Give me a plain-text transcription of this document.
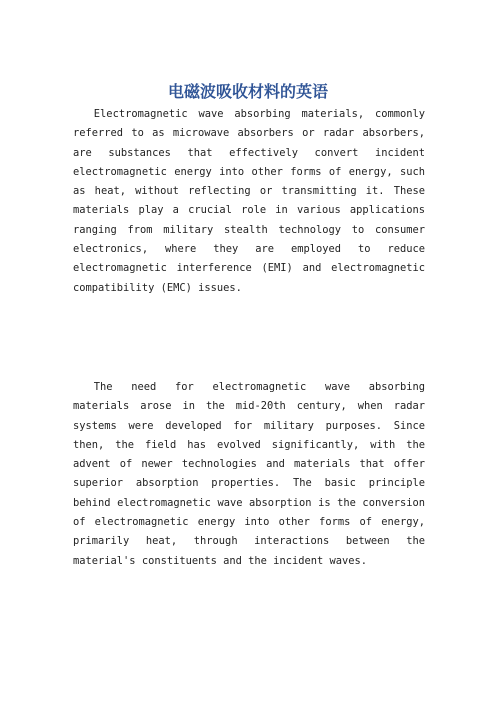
电磁波吸收材料的英语

Electromagnetic wave absorbing materials, commonly referred to as microwave absorbers or radar absorbers, are substances that effectively convert incident electromagnetic energy into other forms of energy, such as heat, without reflecting or transmitting it. These materials play a crucial role in various applications ranging from military stealth technology to consumer electronics, where they are employed to reduce electromagnetic interference (EMI) and electromagnetic compatibility (EMC) issues.

The need for electromagnetic wave absorbing materials arose in the mid-20th century, when radar systems were developed for military purposes. Since then, the field has evolved significantly, with the advent of newer technologies and materials that offer superior absorption properties. The basic principle behind electromagnetic wave absorption is the conversion of electromagnetic energy into other forms of energy, primarily heat, through interactions between the material's constituents and the incident waves.
